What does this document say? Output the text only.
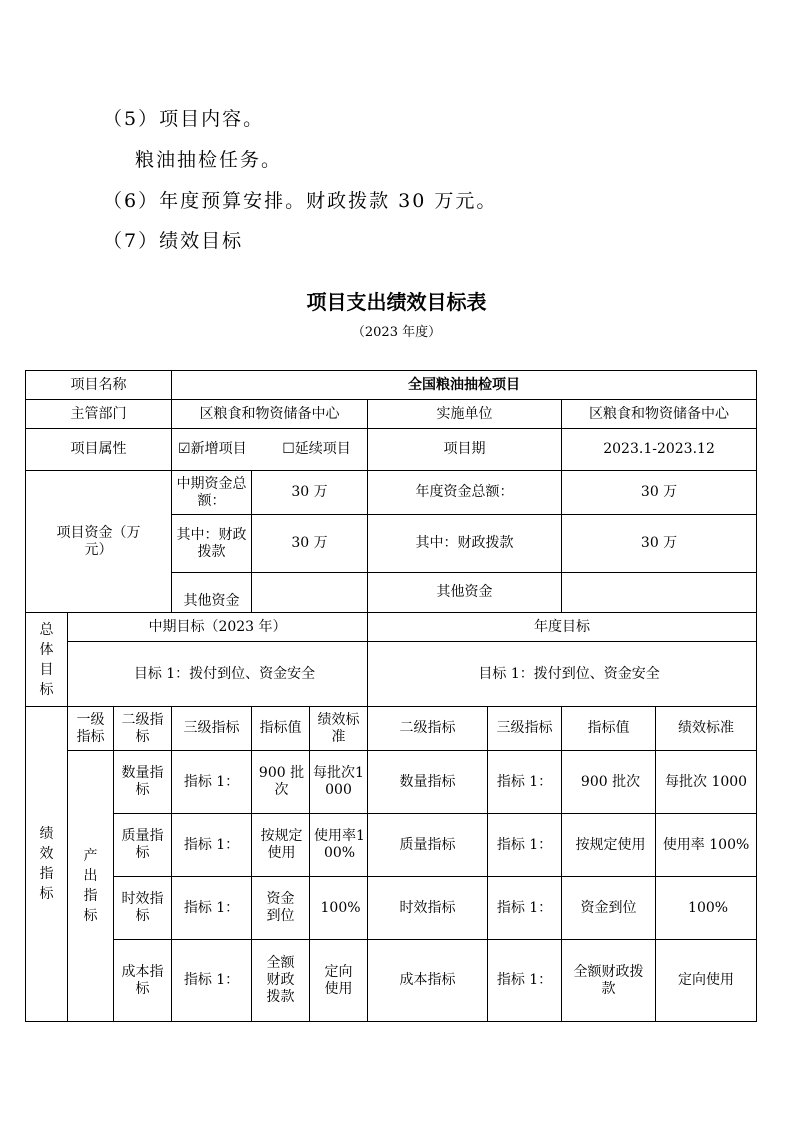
（5）项目内容。
粮油抽检任务。
（6）年度预算安排。财政拨款 30 万元。
（7）绩效目标
项目支出绩效目标表
（2023 年度）
项目名称			全国粮油抽检项目						
主管部门			区粮食和物资储备中心			实施单位		区粮食和物资储备中心	
项目属性			☑新增项目 ☐延续项目			项目期		2023.1-2023.12	
项目资金（万元）			中期资金总额：	30 万		年度资金总额：		30 万	
			其中：财政拨款	30 万		其中：财政拨款		30 万	
			其他资金			其他资金			
总体目标	中期目标（2023 年）					年度目标			
	目标 1：拨付到位、资金安全					目标 1：拨付到位、资金安全			
绩效指标	一级指标	二级指标	三级指标	指标值	绩效标准	二级指标	三级指标	指标值	绩效标准
	产出指标	数量指标	指标 1：	900 批次	每批次1000	数量指标	指标 1：	900 批次	每批次 1000
		质量指标	指标 1：	按规定使用	使用率100%	质量指标	指标 1：	按规定使用	使用率 100%
		时效指标	指标 1：	资金到位	100%	时效指标	指标 1：	资金到位	100%
		成本指标	指标 1：	全额财政拨款	定向使用	成本指标	指标 1：	全额财政拨款	定向使用
